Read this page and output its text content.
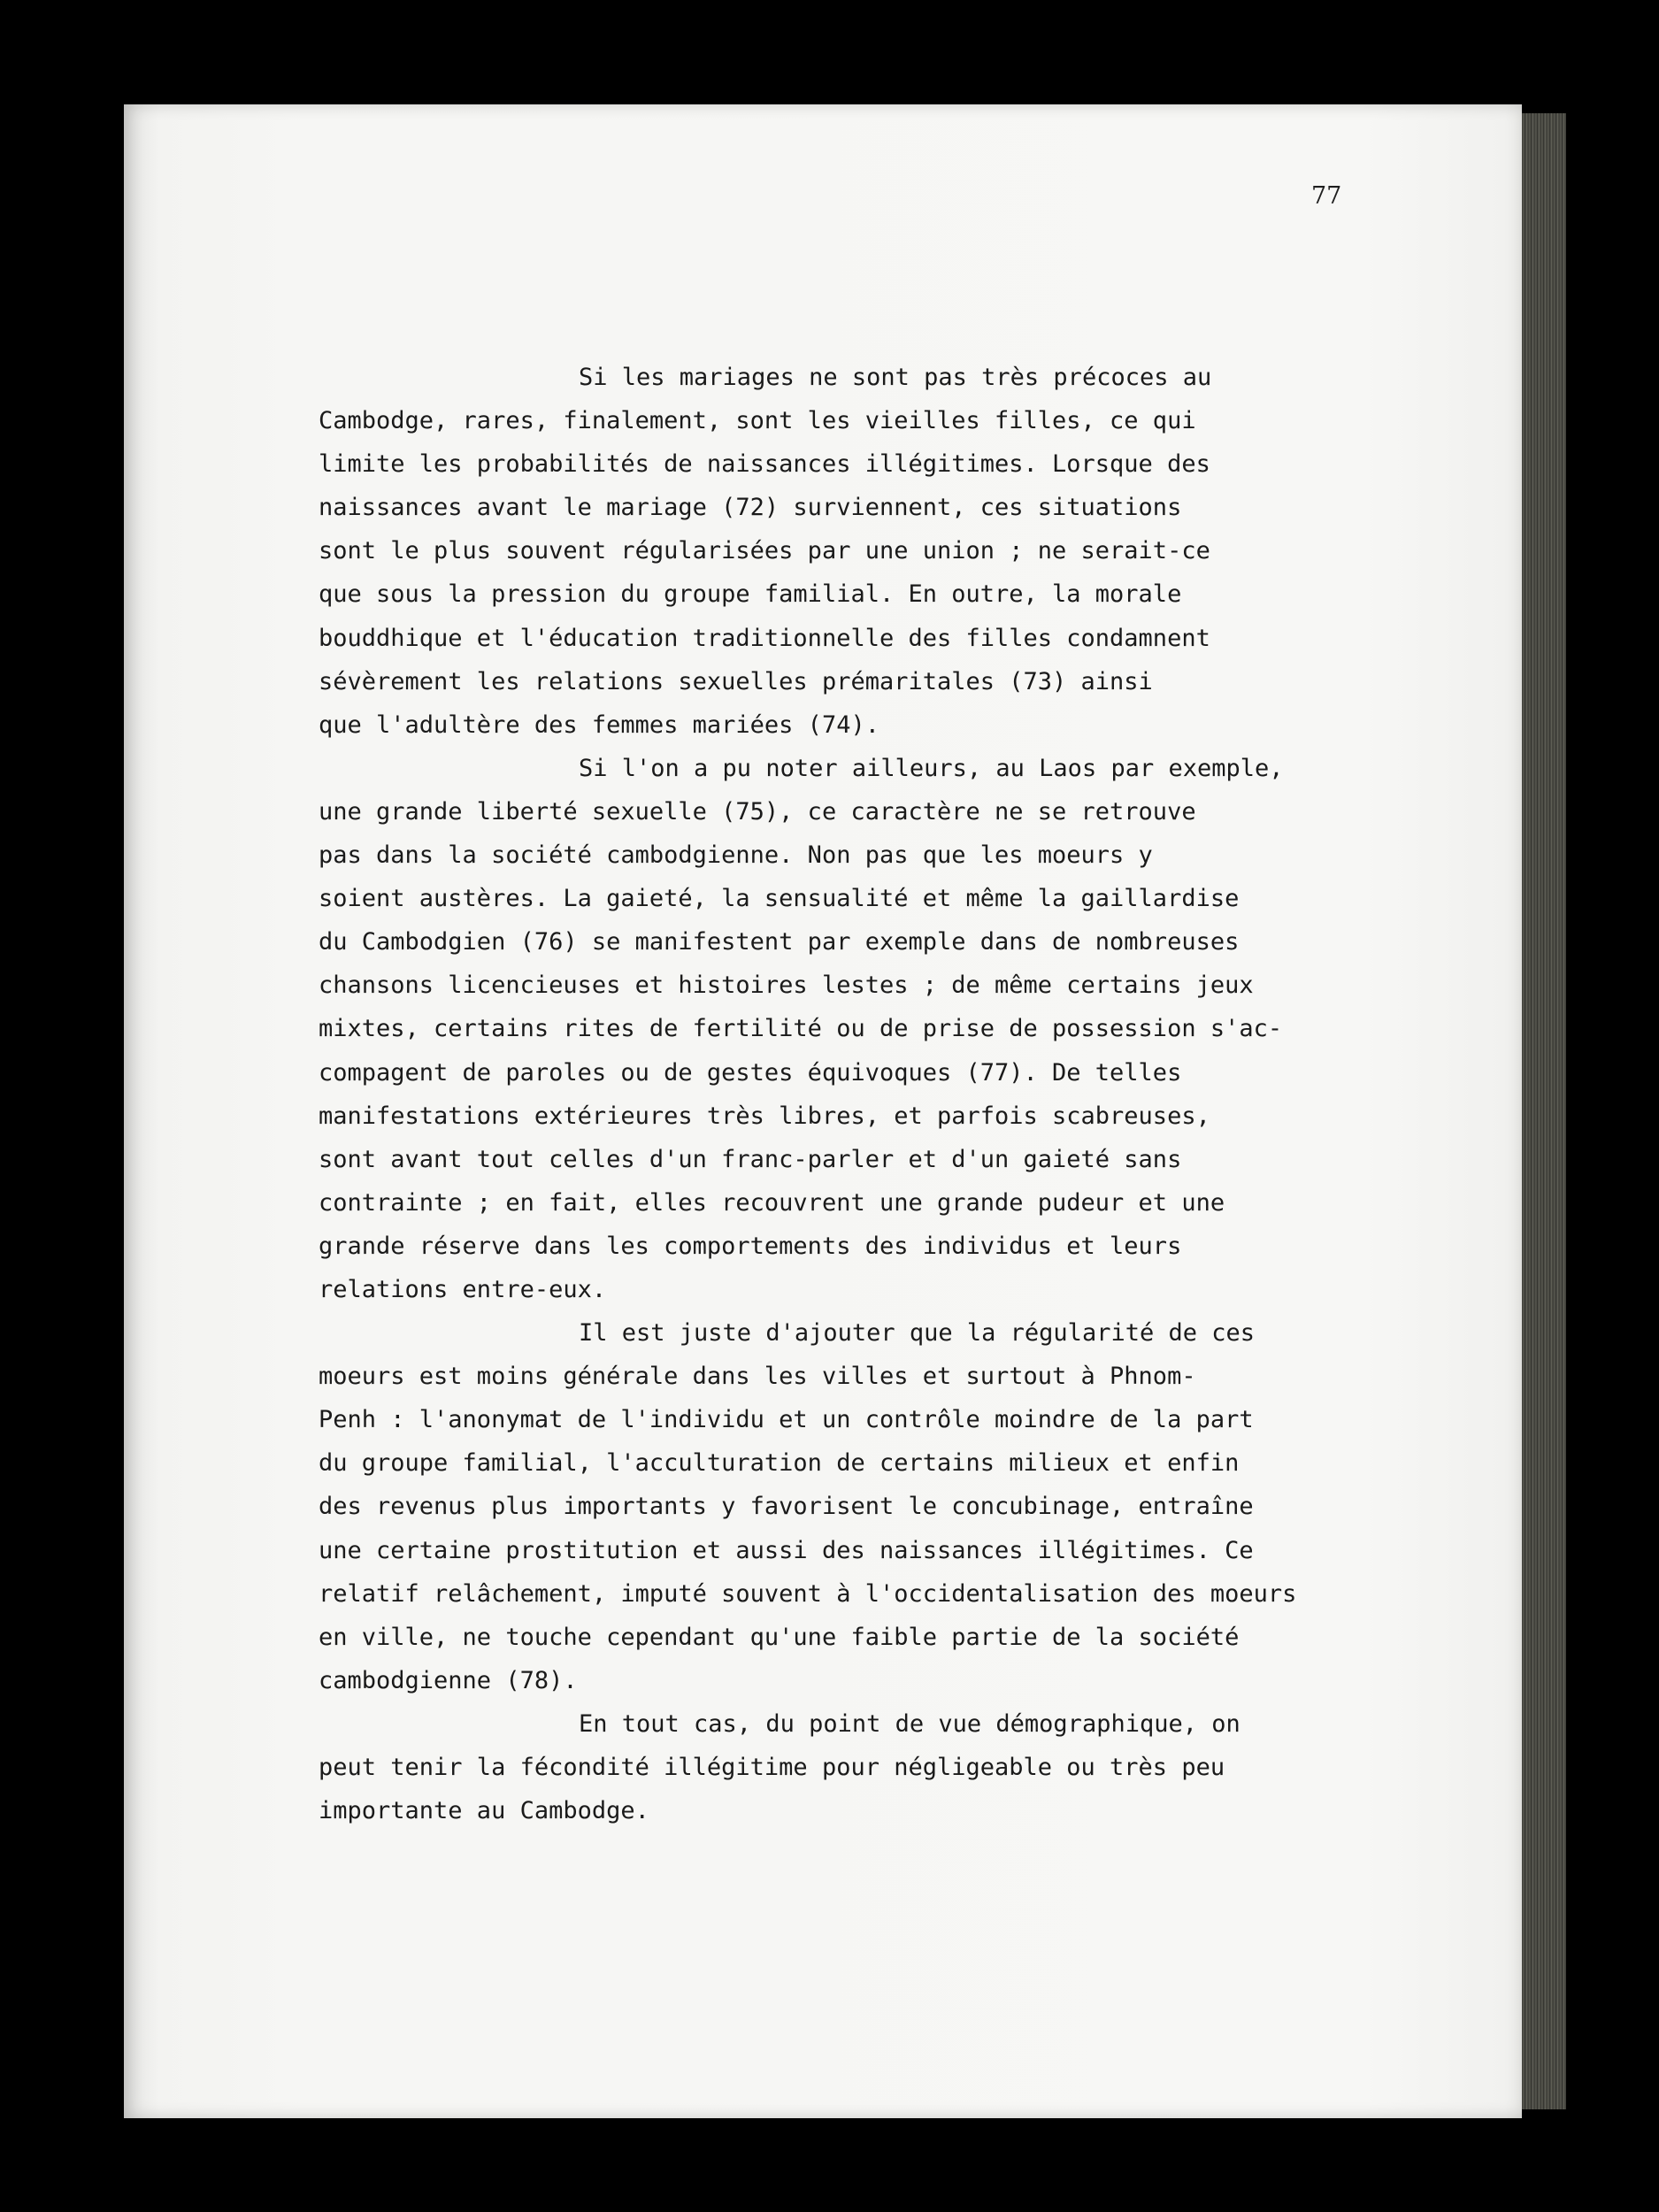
77

Si les mariages ne sont pas très précoces au
Cambodge, rares, finalement, sont les vieilles filles, ce qui
limite les probabilités de naissances illégitimes. Lorsque des
naissances avant le mariage (72) surviennent, ces situations
sont le plus souvent régularisées par une union ; ne serait-ce
que sous la pression du groupe familial. En outre, la morale
bouddhique et l'éducation traditionnelle des filles condamnent
sévèrement les relations sexuelles prémaritales (73) ainsi
que l'adultère des femmes mariées (74).
Si l'on a pu noter ailleurs, au Laos par exemple,
une grande liberté sexuelle (75), ce caractère ne se retrouve
pas dans la société cambodgienne. Non pas que les moeurs y
soient austères. La gaieté, la sensualité et même la gaillardise
du Cambodgien (76) se manifestent par exemple dans de nombreuses
chansons licencieuses et histoires lestes ; de même certains jeux
mixtes, certains rites de fertilité ou de prise de possession s'ac-
compagent de paroles ou de gestes équivoques (77). De telles
manifestations extérieures très libres, et parfois scabreuses,
sont avant tout celles d'un franc-parler et d'un gaieté sans
contrainte ; en fait, elles recouvrent une grande pudeur et une
grande réserve dans les comportements des individus et leurs
relations entre-eux.
Il est juste d'ajouter que la régularité de ces
moeurs est moins générale dans les villes et surtout à Phnom-
Penh : l'anonymat de l'individu et un contrôle moindre de la part
du groupe familial, l'acculturation de certains milieux et enfin
des revenus plus importants y favorisent le concubinage, entraîne
une certaine prostitution et aussi des naissances illégitimes. Ce
relatif relâchement, imputé souvent à l'occidentalisation des moeurs
en ville, ne touche cependant qu'une faible partie de la société
cambodgienne (78).
En tout cas, du point de vue démographique, on
peut tenir la fécondité illégitime pour négligeable ou très peu
importante au Cambodge.
